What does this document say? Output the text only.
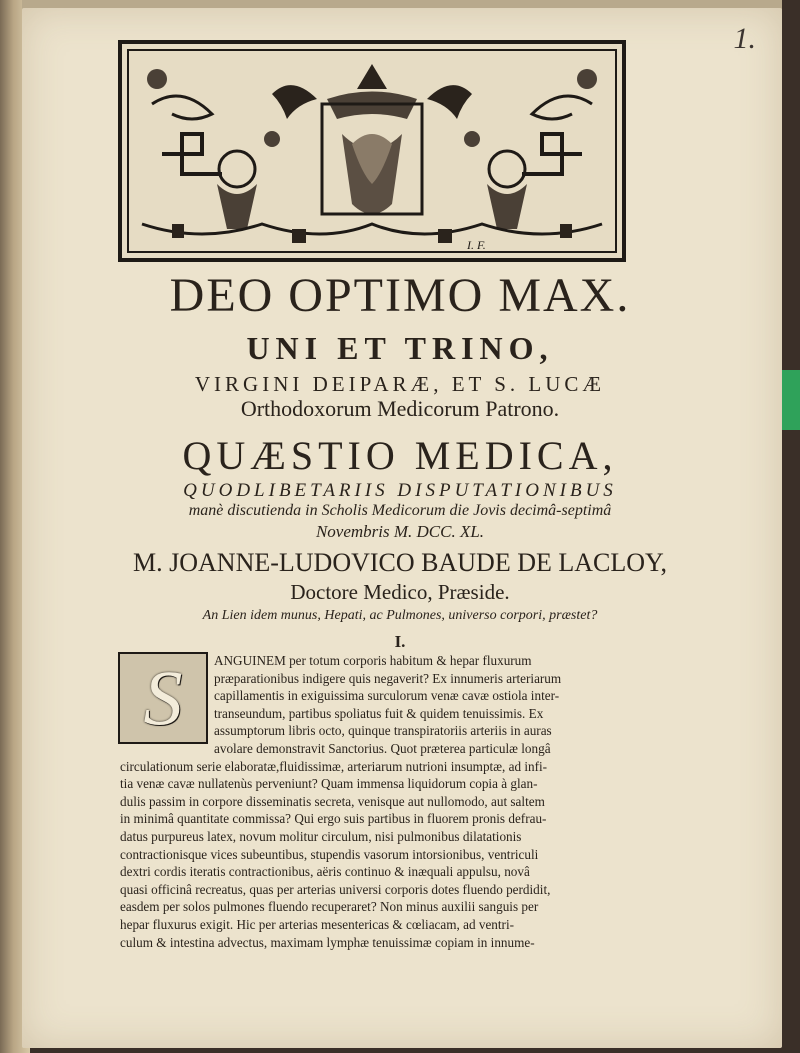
1.
I. F.
DEO OPTIMO MAX.
UNI ET TRINO,
VIRGINI DEIPARÆ, ET S. LUCÆ
Orthodoxorum Medicorum Patrono.
QUÆSTIO MEDICA,
QUODLIBETARIIS DISPUTATIONIBUS
manè discutienda in Scholis Medicorum die Jovis decimâ-septimâ
Novembris M. DCC. XL.
M. JOANNE-LUDOVICO BAUDE DE LACLOY,
Doctore Medico, Præside.
An Lien idem munus, Hepati, ac Pulmones, universo corpori, præstet?
I.
S	ANGUINEM per totum corporis habitum & hepar fluxurum
præparationibus indigere quis negaverit? Ex innumeris arteriarum
capillamentis in exiguissima surculorum venæ cavæ ostiola inter-
transeundum, partibus spoliatus fuit & quidem tenuissimis. Ex
assumptorum libris octo, quinque transpiratoriis arteriis in auras
avolare demonstravit Sanctorius. Quot præterea particulæ longâ
circulationum serie elaboratæ,fluidissimæ, arteriarum nutrioni insumptæ, ad infi-
tia venæ cavæ nullatenùs perveniunt? Quam immensa liquidorum copia à glan-
dulis passim in corpore disseminatis secreta, venisque aut nullomodo, aut saltem
in minimâ quantitate commissa? Qui ergo suis partibus in fluorem pronis defrau-
datus purpureus latex, novum molitur circulum, nisi pulmonibus dilatationis
contractionisque vices subeuntibus, stupendis vasorum intorsionibus, ventriculi
dextri cordis iteratis contractionibus, aëris continuo & inæquali appulsu, novâ
quasi officinâ recreatus, quas per arterias universi corporis dotes fluendo perdidit,
easdem per solos pulmones fluendo recuperaret? Non minus auxilii sanguis per
hepar fluxurus exigit. Hic per arterias mesentericas & cœliacam, ad ventri-
culum & intestina advectus, maximam lymphæ tenuissimæ copiam in innume-
